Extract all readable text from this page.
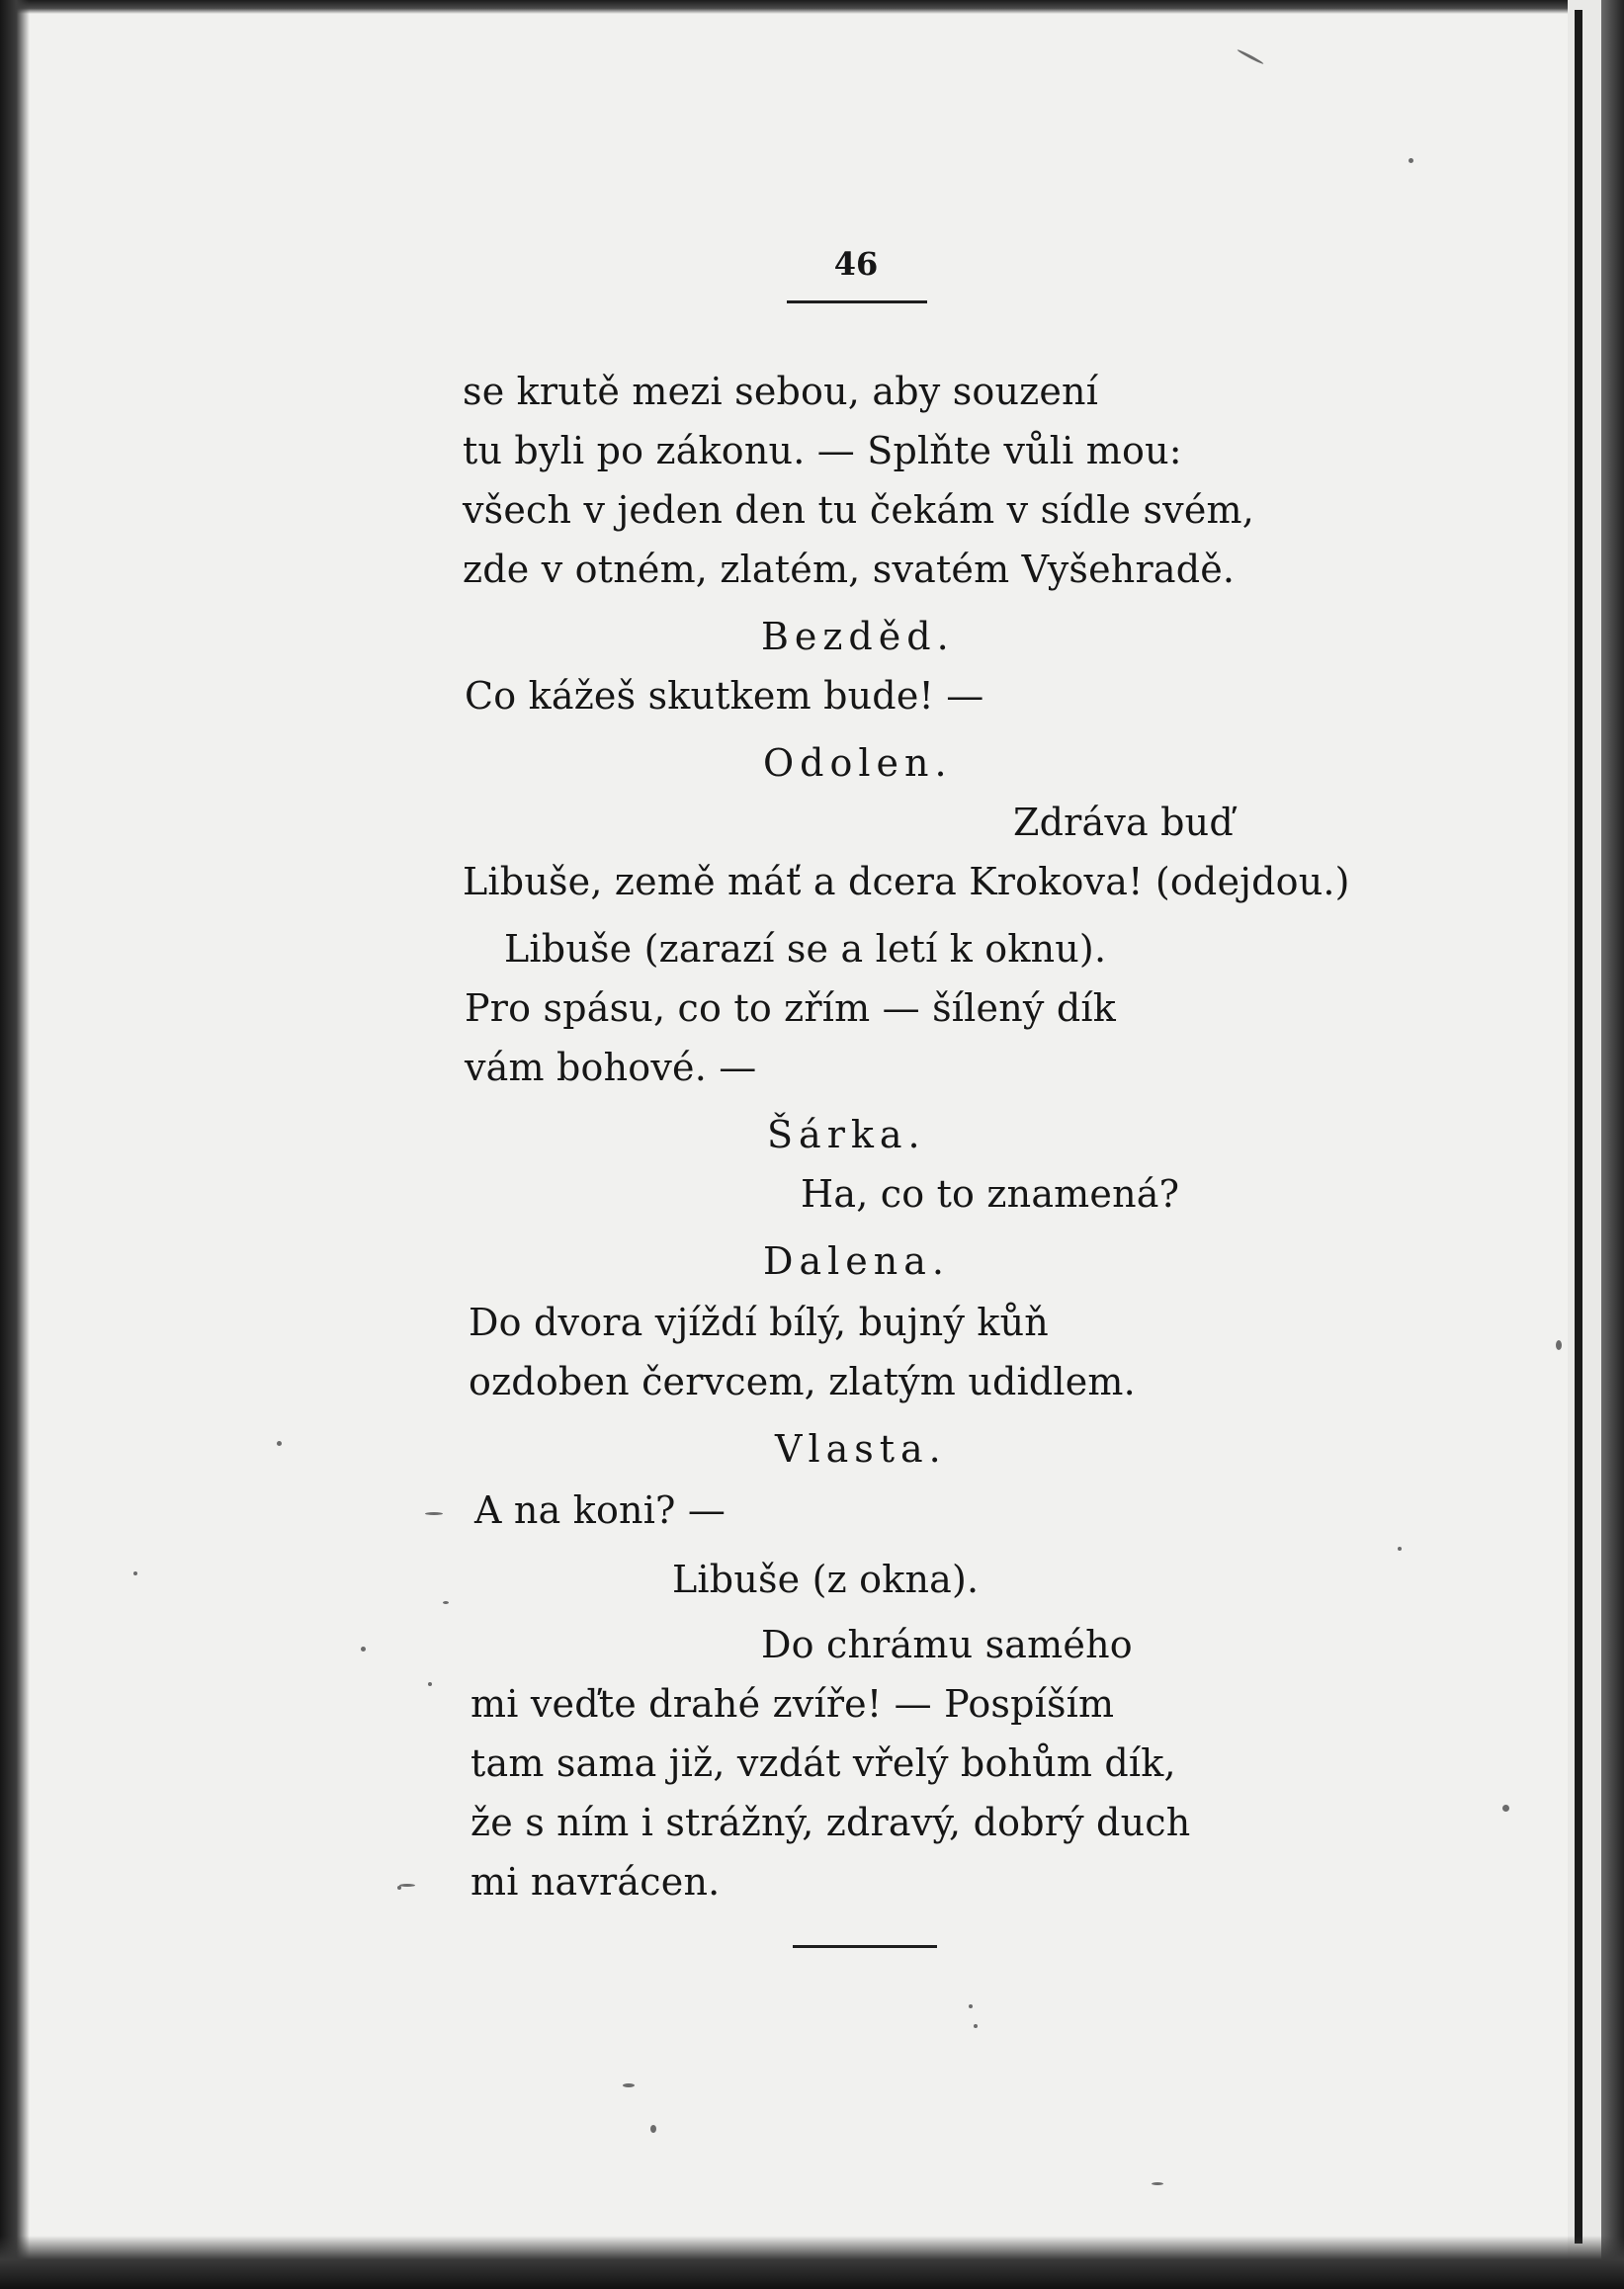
46
se krutě mezi sebou, aby souzení
tu byli po zákonu. — Splňte vůli mou:
všech v jeden den tu čekám v sídle svém,
zde v otném, zlatém, svatém Vyšehradě.
Bezděd.
Co kážeš skutkem bude! —
Odolen.
Zdráva buď
Libuše, země máť a dcera Krokova! (odejdou.)
Libuše (zarazí se a letí k oknu).
Pro spásu, co to zřím — šílený dík
vám bohové. —
Šárka.
Ha, co to znamená?
Dalena.
Do dvora vjíždí bílý, bujný kůň
ozdoben červcem, zlatým udidlem.
Vlasta.
A na koni? —
Libuše (z okna).
Do chrámu samého
mi veďte drahé zvíře! — Pospíším
tam sama již, vzdát vřelý bohům dík,
že s ním i strážný, zdravý, dobrý duch
mi navrácen.
